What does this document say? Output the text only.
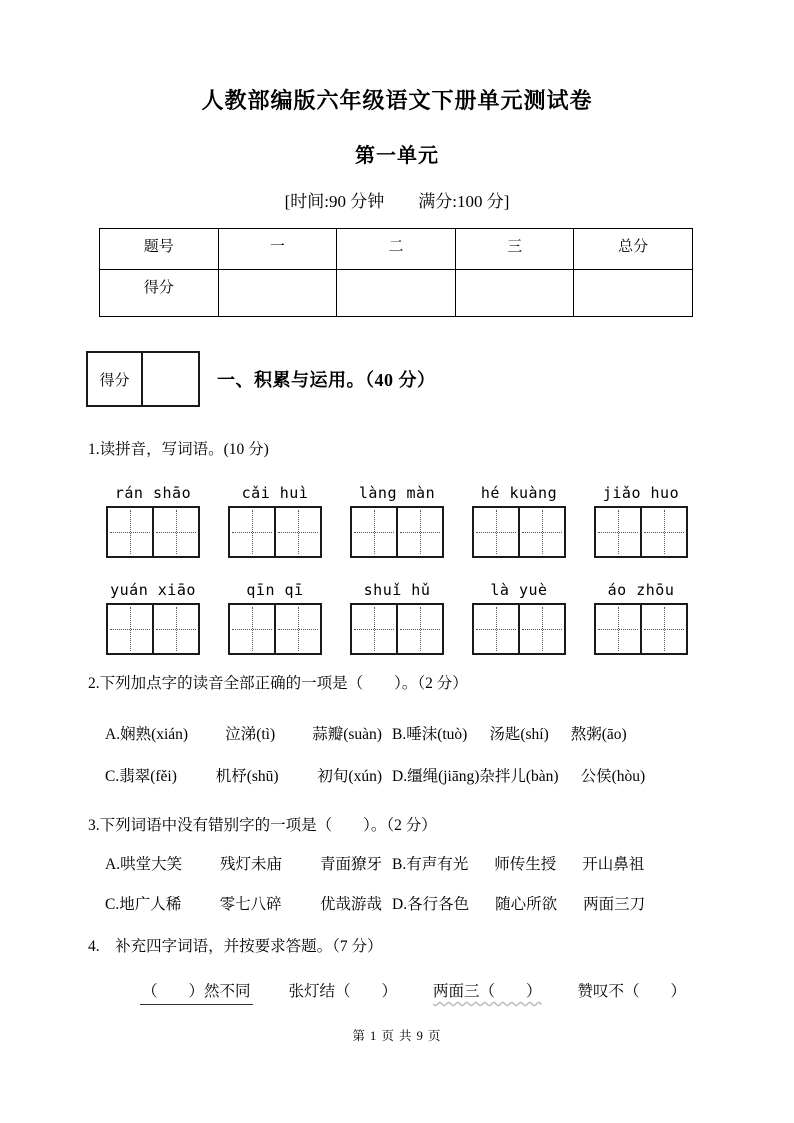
人教部编版六年级语文下册单元测试卷
第一单元
[时间:90 分钟　　满分:100 分]
题号	一	二	三	总分
得分				
得分	一、积累与运用。（40 分）
1.读拼音，写词语。(10 分)
rán shāo	cǎi huì	làng màn	hé kuàng	jiǎo huo
yuán xiāo	qīn qī	shuǐ hǔ	là yuè	áo zhōu
2.下列加点字的读音全部正确的一项是（　　）。（2 分）
A.娴熟(xián) 泣涕(tì) 蒜瓣(suàn) B.唾沫(tuò) 汤匙(shí) 熬粥(āo)
C.翡翠(fěi)	机杼(shū)	初旬(xún) D.缰绳(jiāng)杂拌儿(bàn) 公侯(hòu)
3.下列词语中没有错别字的一项是（　　）。（2 分）
A.哄堂大笑 残灯未庙 青面獠牙 B.有声有光 师传生授 开山鼻祖
C.地广人稀 零七八碎 优哉游哉 D.各行各色 随心所欲 两面三刀
4.　补充四字词语，并按要求答题。（7 分）
（　　）然不同 张灯结（　　） 两面三（　　） 赞叹不（　　）
第 1 页 共 9 页
